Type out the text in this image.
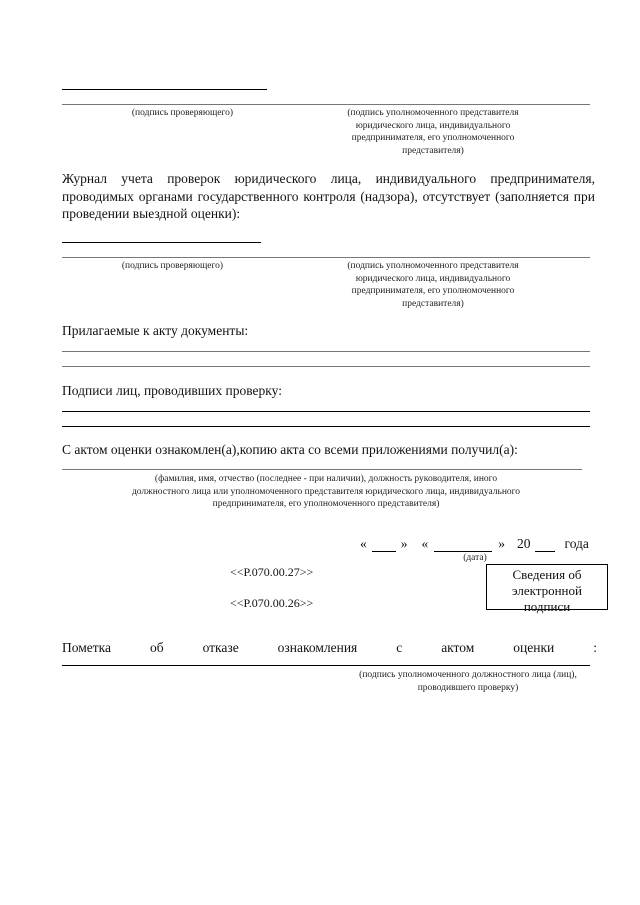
(подпись проверяющего)	(подпись уполномоченного представителя юридического лица, индивидуального предпринимателя, его уполномоченного представителя)
Журнал учета проверок юридического лица, индивидуального предпринимателя, проводимых органами государственного контроля (надзора), отсутствует (заполняется при проведении выездной оценки):
(подпись проверяющего)	(подпись уполномоченного представителя юридического лица, индивидуального предпринимателя, его уполномоченного представителя)
Прилагаемые к акту документы:
Подписи лиц, проводивших проверку:
С актом оценки ознакомлен(а),копию акта со всеми приложениями получил(а):
(фамилия, имя, отчество (последнее - при наличии), должность руководителя, иного должностного лица или уполномоченного представителя юридического лица, индивидуального предпринимателя, его уполномоченного представителя)
«	» «	» 20	года
(дата)
<<Р.070.00.27>>
<<Р.070.00.26>>
Сведения об электронной подписи
Пометка	об	отказе	ознакомления	с	актом	оценки	:
(подпись уполномоченного должностного лица (лиц), проводившего проверку)
